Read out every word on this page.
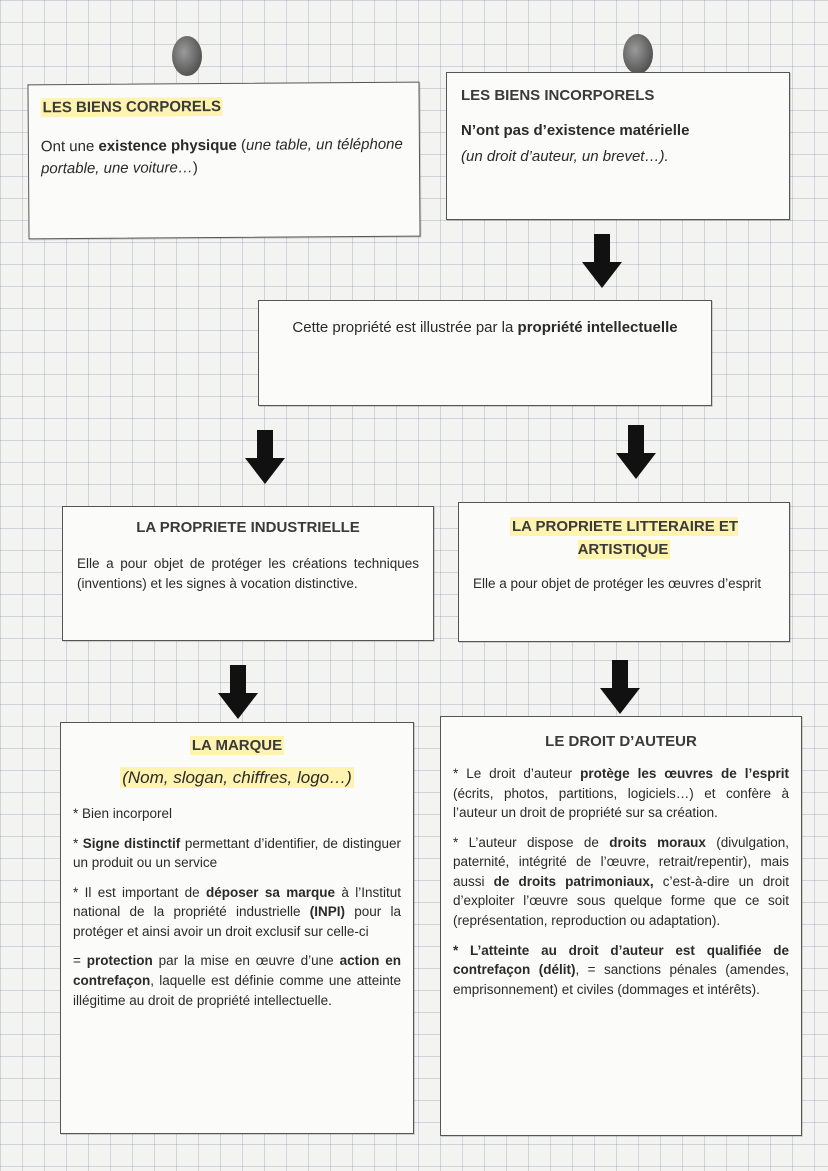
LES BIENS CORPORELS

Ont une existence physique (une table, un téléphone portable, une voiture…)

LES BIENS INCORPORELS

N’ont pas d’existence matérielle

(un droit d’auteur, un brevet…).

Cette propriété est illustrée par la propriété intellectuelle

LA PROPRIETE INDUSTRIELLE

Elle a pour objet de protéger les créations techniques (inventions) et les signes à vocation distinctive.

LA PROPRIETE LITTERAIRE ET ARTISTIQUE

Elle a pour objet de protéger les œuvres d’esprit

LA MARQUE

(Nom, slogan, chiffres, logo…)

* Bien incorporel

* Signe distinctif permettant d’identifier, de distinguer un produit ou un service

* Il est important de déposer sa marque à l’Institut national de la propriété industrielle (INPI) pour la protéger et ainsi avoir un droit exclusif sur celle-ci

= protection par la mise en œuvre d’une action en contrefaçon, laquelle est définie comme une atteinte illégitime au droit de propriété intellectuelle.

LE DROIT D’AUTEUR

* Le droit d’auteur protège les œuvres de l’esprit (écrits, photos, partitions, logiciels…) et confère à l’auteur un droit de propriété sur sa création.

* L’auteur dispose de droits moraux (divulgation, paternité, intégrité de l’œuvre, retrait/repentir), mais aussi de droits patrimoniaux, c’est-à-dire un droit d’exploiter l’œuvre sous quelque forme que ce soit (représentation, reproduction ou adaptation).

* L’atteinte au droit d’auteur est qualifiée de contrefaçon (délit), = sanctions pénales (amendes, emprisonnement) et civiles (dommages et intérêts).
